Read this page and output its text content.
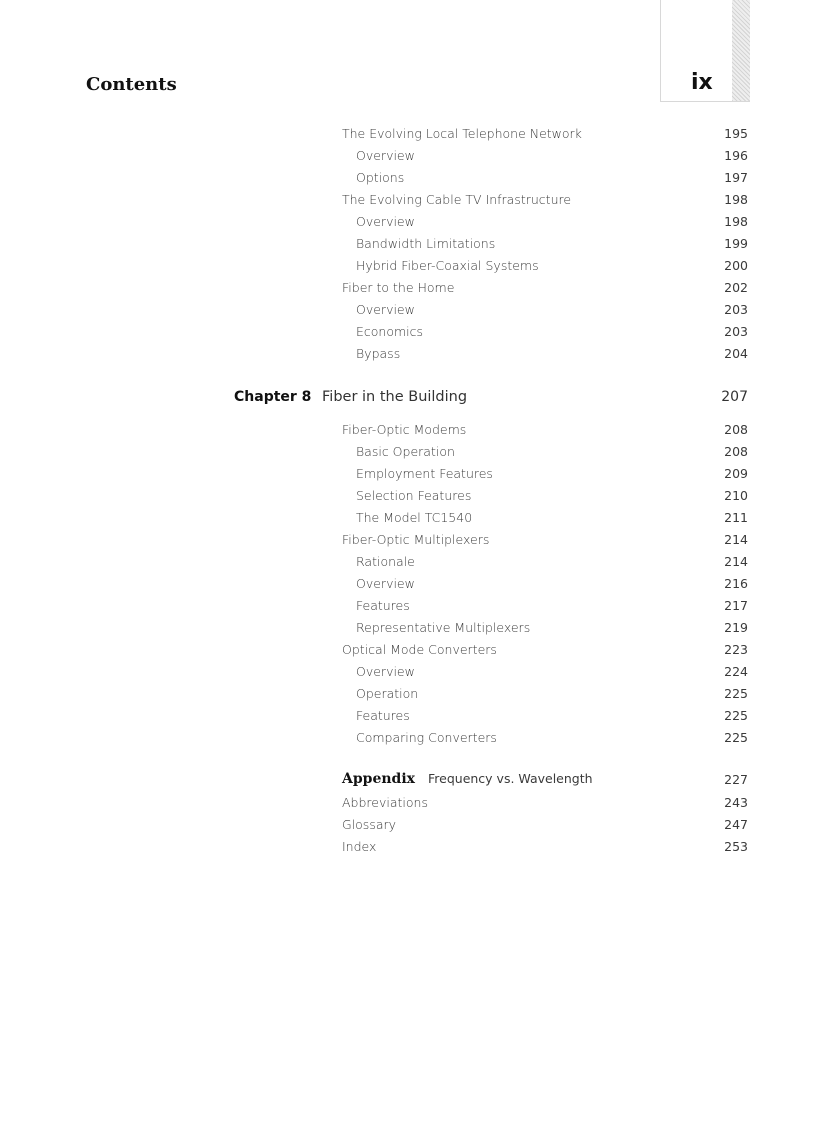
Contents	ix
The Evolving Local Telephone Network	195
Overview	196
Options	197
The Evolving Cable TV Infrastructure	198
Overview	198
Bandwidth Limitations	199
Hybrid Fiber-Coaxial Systems	200
Fiber to the Home	202
Overview	203
Economics	203
Bypass	204
Chapter 8 Fiber in the Building	207
Fiber-Optic Modems	208
Basic Operation	208
Employment Features	209
Selection Features	210
The Model TC1540	211
Fiber-Optic Multiplexers	214
Rationale	214
Overview	216
Features	217
Representative Multiplexers	219
Optical Mode Converters	223
Overview	224
Operation	225
Features	225
Comparing Converters	225
Appendix Frequency vs. Wavelength	227
Abbreviations	243
Glossary	247
Index	253
